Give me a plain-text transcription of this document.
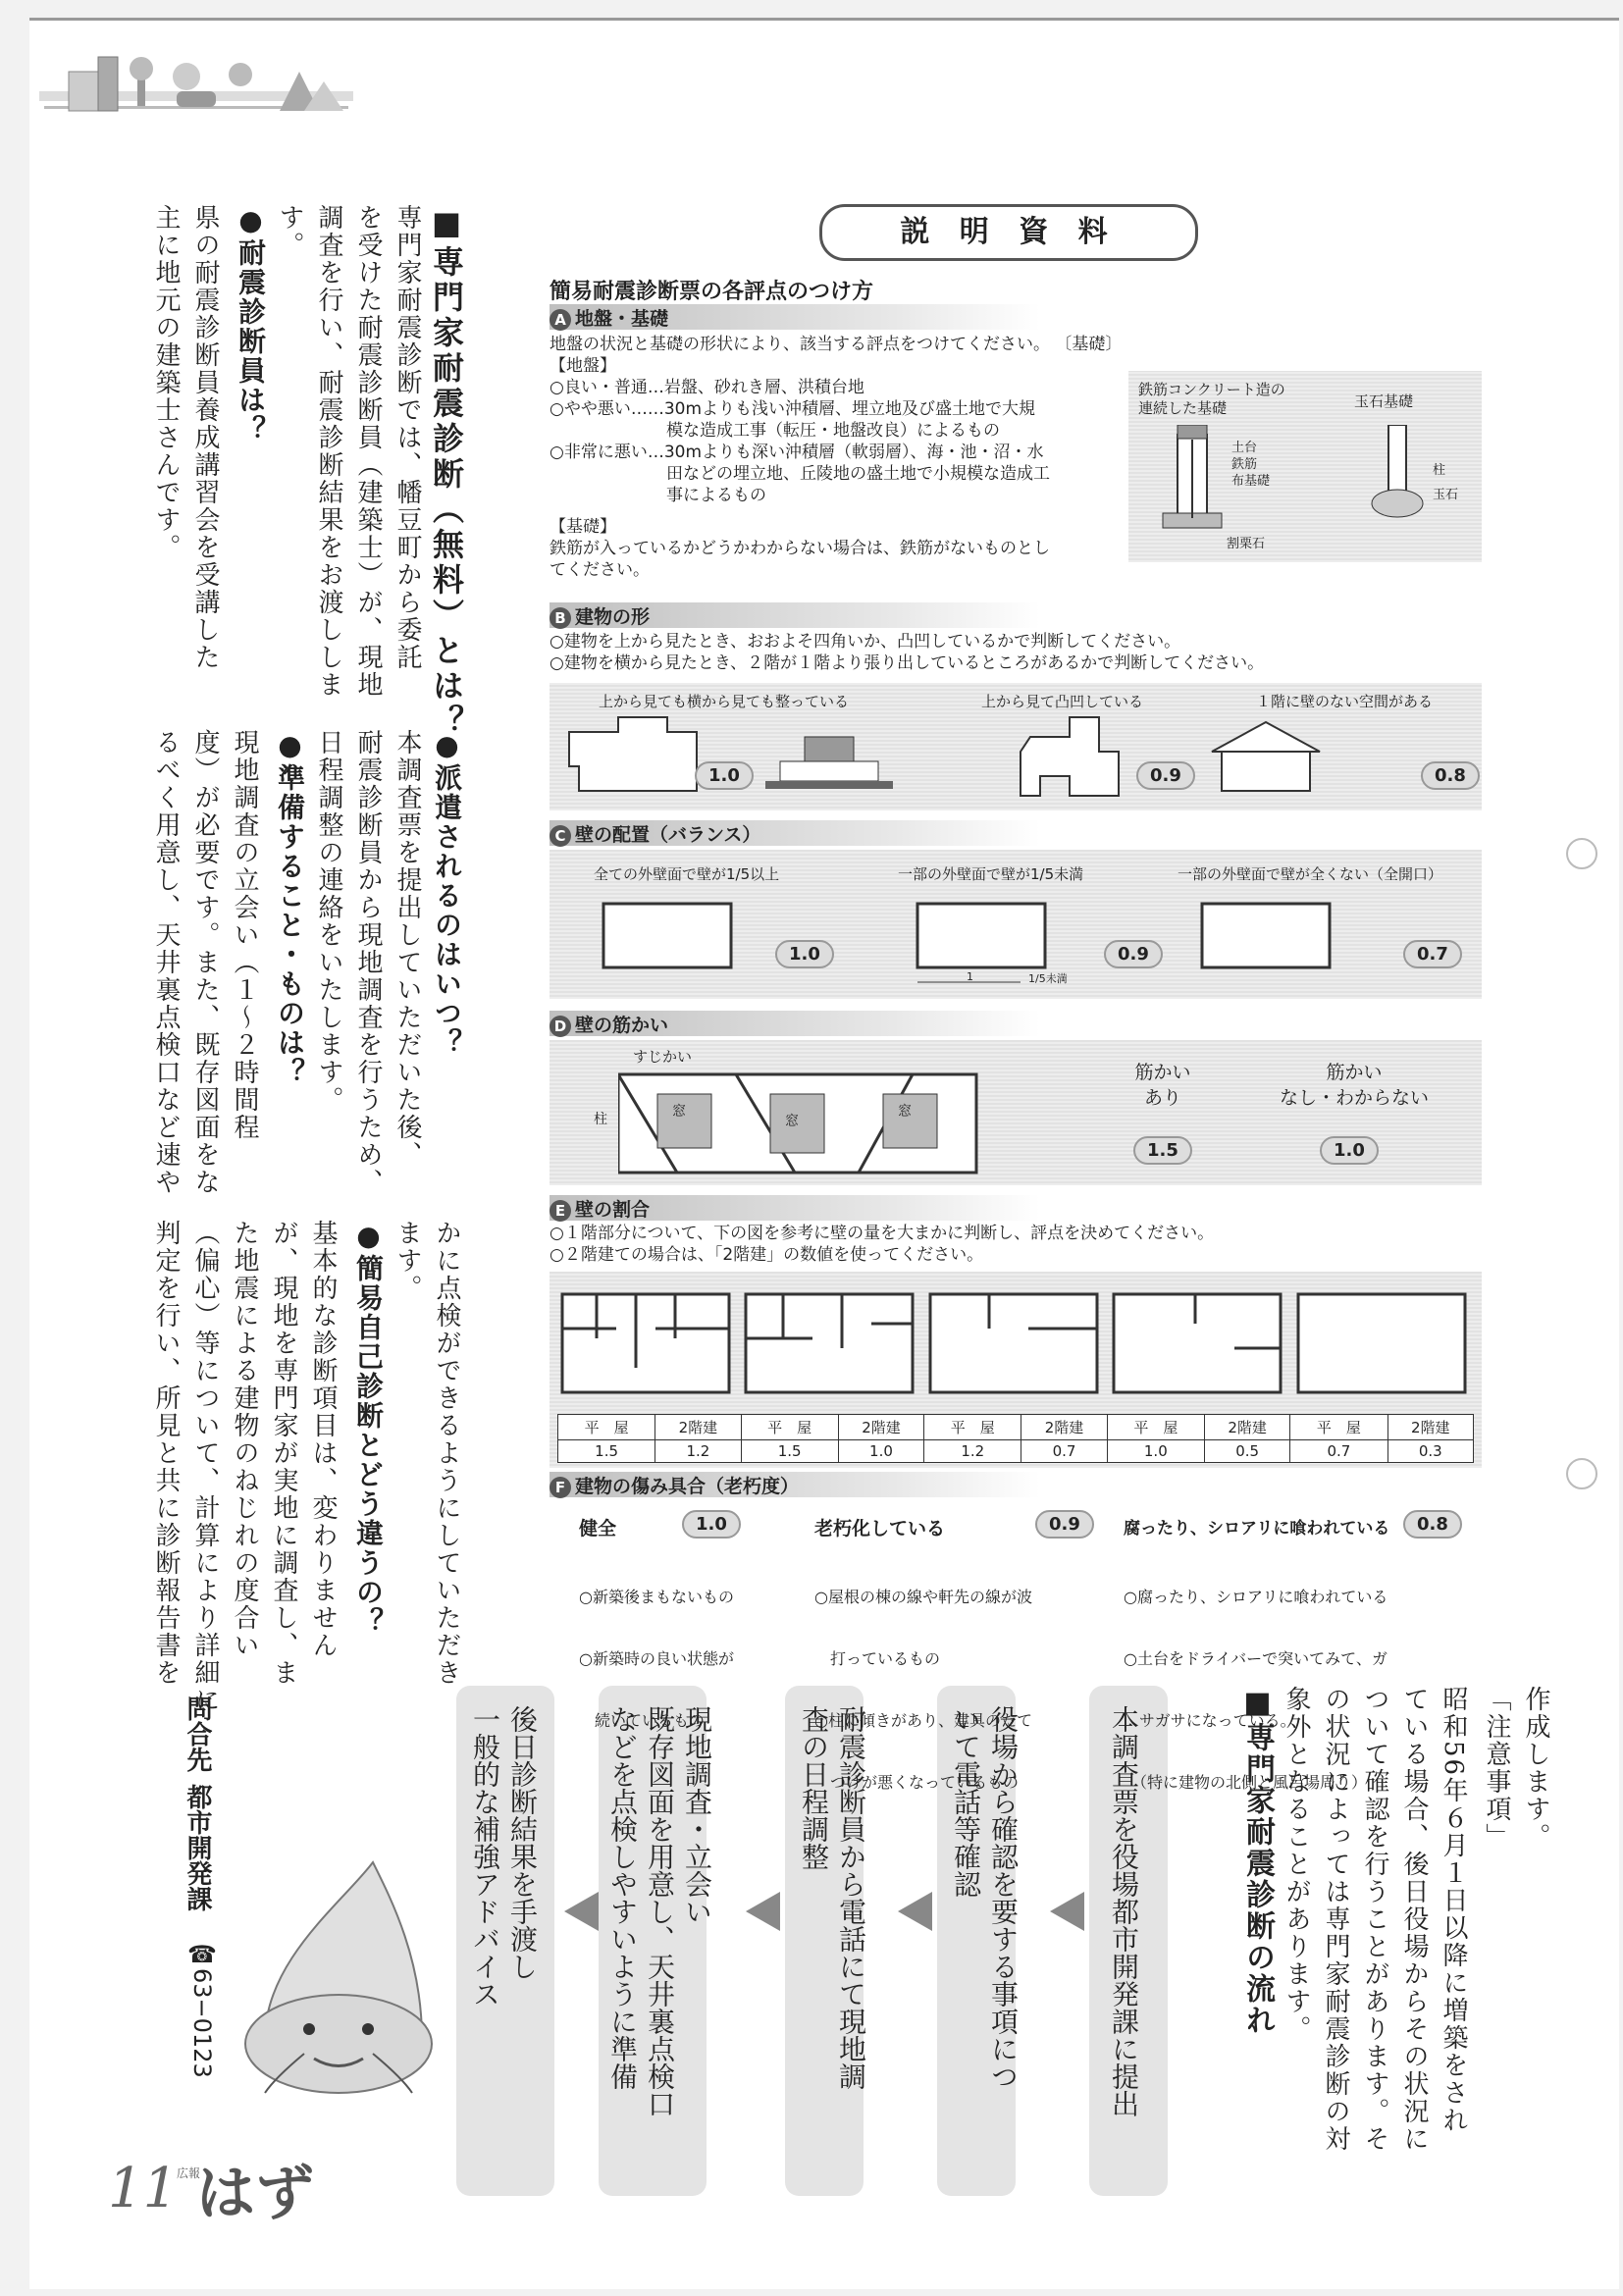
■専門家耐震診断（無料）とは？
専門家耐震診断では、幡豆町から委託
を受けた耐震診断員（建築士）が、現地
調査を行い、耐震診断結果をお渡ししま
す。
●耐震診断員は？
県の耐震診断員養成講習会を受講した
主に地元の建築士さんです。
●派遣されるのはいつ？
本調査票を提出していただいた後、
耐震診断員から現地調査を行うため、
日程調整の連絡をいたします。
●準備すること・ものは？
現地調査の立会い（１～２時間程
度）が必要です。また、既存図面をな
るべく用意し、天井裏点検口など速や
かに点検ができるようにしていただき
ます。
●簡易自己診断とどう違うの？
基本的な診断項目は、変わりません
が、現地を専門家が実地に調査し、ま
た地震による建物のねじれの度合い
（偏心）等について、計算により詳細に
判定を行い、所見と共に診断報告書を
作成します。
「注意事項」
昭和56年６月１日以降に増築をされ
ている場合、後日役場からその状況に
ついて確認を行うことがあります。そ
の状況によっては専門家耐震診断の対
象外となることがあります。
■専門家耐震診断の流れ
本調査票を役場都市開発課に提出
役場から確認を要する事項につ
いて電話等確認
耐震診断員から電話にて現地調
査の日程調整
現地調査・立会い
既存図面を用意し、天井裏点検口
などを点検しやすいように準備
後日診断結果を手渡し
一般的な補強アドバイス
問合先
都市開発課
☎63−0123
11
広報
はず
説 明 資 料
簡易耐震診断票の各評点のつけ方
A 地盤・基礎
地盤の状況と基礎の形状により、該当する評点をつけてください。 〔基礎〕
【地盤】
○良い・普通…岩盤、砂れき層、洪積台地
○やや悪い……30mよりも浅い沖積層、埋立地及び盛土地で大規
　　　　　　　模な造成工事（転圧・地盤改良）によるもの
○非常に悪い…30mよりも深い沖積層（軟弱層）、海・池・沼・水
　　　　　　　田などの埋立地、丘陵地の盛土地で小規模な造成工
　　　　　　　事によるもの
【基礎】
鉄筋が入っているかどうかわからない場合は、鉄筋がないものとし
てください。
鉄筋コンクリート造の
連続した基礎	玉石基礎
土台
鉄筋
布基礎
割栗石
柱
玉石
B 建物の形
○建物を上から見たとき、おおよそ四角いか、凸凹しているかで判断してください。
○建物を横から見たとき、２階が１階より張り出しているところがあるかで判断してください。
上から見ても横から見ても整っている	上から見て凸凹している	１階に壁のない空間がある
1.0	0.9	0.8
C 壁の配置（バランス）
全ての外壁面で壁が1/5以上	一部の外壁面で壁が1/5未満	一部の外壁面で壁が全くない（全開口）
1	1/5未満
1.0	0.9	0.7
D 壁の筋かい
すじかい
柱	窓
窓
窓
筋かい
あり
筋かい
なし・わからない
1.5	1.0
E 壁の割合
○１階部分について、下の図を参考に壁の量を大まかに判断し、評点を決めてください。
○２階建ての場合は、「2階建」の数値を使ってください。
平　屋	2階建	平　屋	2階建	平　屋	2階建	平　屋	2階建	平　屋	2階建
1.5	1.2	1.5	1.0	1.2	0.7	1.0	0.5	0.7	0.3
F 建物の傷み具合（老朽度）
健全	1.0

○新築後まもないもの

○新築時の良い状態が

　続いているもの

老朽化している	0.9

○屋根の棟の線や軒先の線が波

　打っているもの

○柱に傾きがあり、建具のたて

　つけが悪くなっているもの

腐ったり、シロアリに喰われている	0.8

○腐ったり、シロアリに喰われている

○土台をドライバーで突いてみて、ガ

　サガサになっている。

　（特に建物の北側と風呂場周り）
